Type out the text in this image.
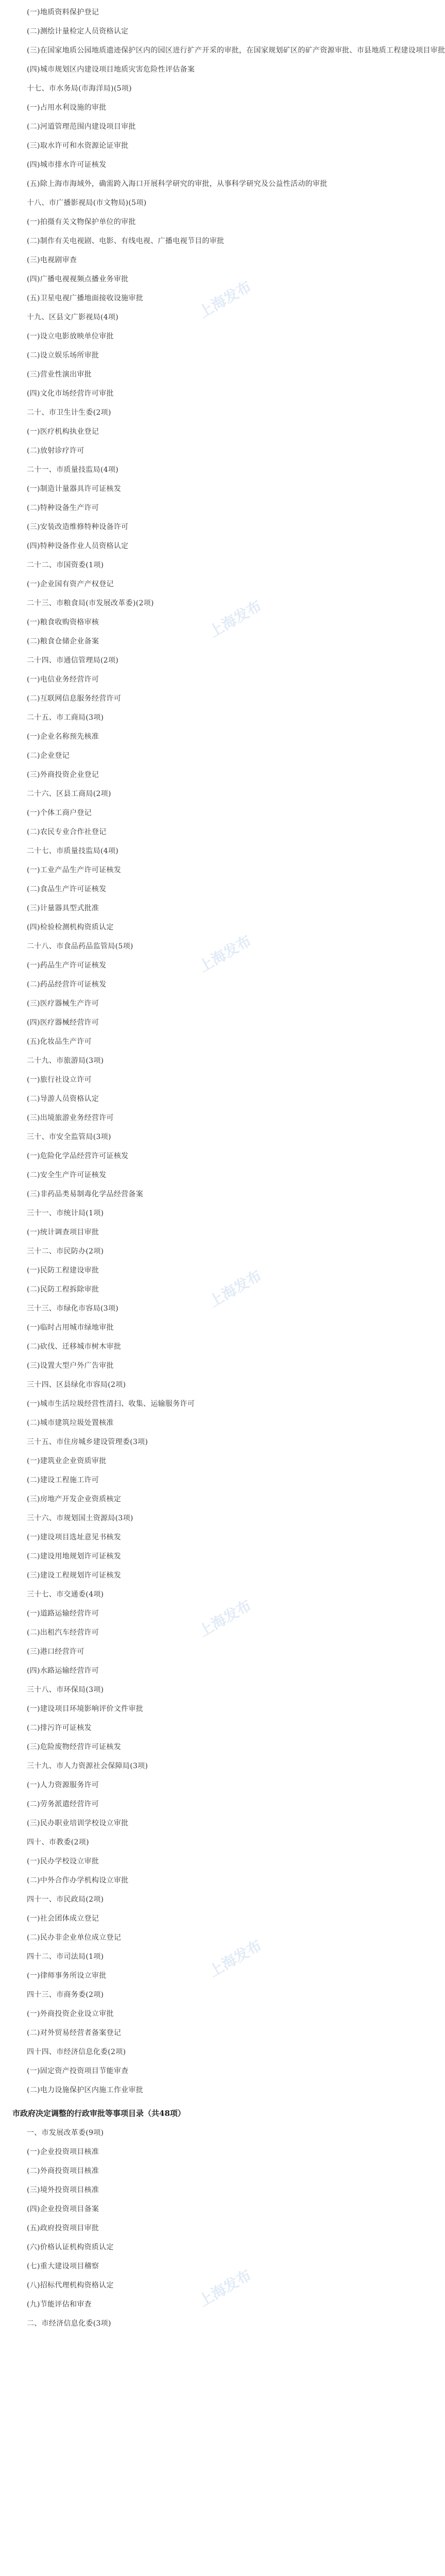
(一)地质资料保护登记
(二)测绘计量检定人员资格认定
(三)在国家地质公园地质遗迹保护区内的园区进行扩产开采的审批，在国家规划矿区的矿产资源审批、市县地质工程建设项目审批
(四)城市规划区内建设项目地质灾害危险性评估备案
十七、市水务局(市海洋局)(5项)
(一)占用水利设施的审批
(二)河道管理范围内建设项目审批
(三)取水许可和水资源论证审批
(四)城市排水许可证核发
(五)除上海市海域外，确需跨入海口开展科学研究的审批，从事科学研究及公益性活动的审批
十八、市广播影视局(市文物局)(5项)
(一)拍摄有关文物保护单位的审批
(二)制作有关电视剧、电影、有线电视、广播电视节目的审批
(三)电视剧审查
(四)广播电视视频点播业务审批
(五)卫星电视广播地面接收设施审批
十九、区县文广影视局(4项)
(一)设立电影放映单位审批
(二)设立娱乐场所审批
(三)营业性演出审批
(四)文化市场经营许可审批
二十、市卫生计生委(2项)
(一)医疗机构执业登记
(二)放射诊疗许可
二十一、市质量技监局(4项)
(一)制造计量器具许可证核发
(二)特种设备生产许可
(三)安装改造维修特种设备许可
(四)特种设备作业人员资格认定
二十二、市国资委(1项)
(一)企业国有资产产权登记
二十三、市粮食局(市发展改革委)(2项)
(一)粮食收购资格审核
(二)粮食仓储企业备案
二十四、市通信管理局(2项)
(一)电信业务经营许可
(二)互联网信息服务经营许可
二十五、市工商局(3项)
(一)企业名称预先核准
(二)企业登记
(三)外商投资企业登记
二十六、区县工商局(2项)
(一)个体工商户登记
(二)农民专业合作社登记
二十七、市质量技监局(4项)
(一)工业产品生产许可证核发
(二)食品生产许可证核发
(三)计量器具型式批准
(四)检验检测机构资质认定
二十八、市食品药品监管局(5项)
(一)药品生产许可证核发
(二)药品经营许可证核发
(三)医疗器械生产许可
(四)医疗器械经营许可
(五)化妆品生产许可
二十九、市旅游局(3项)
(一)旅行社设立许可
(二)导游人员资格认定
(三)出境旅游业务经营许可
三十、市安全监管局(3项)
(一)危险化学品经营许可证核发
(二)安全生产许可证核发
(三)非药品类易制毒化学品经营备案
三十一、市统计局(1项)
(一)统计调查项目审批
三十二、市民防办(2项)
(一)民防工程建设审批
(二)民防工程拆除审批
三十三、市绿化市容局(3项)
(一)临时占用城市绿地审批
(二)砍伐、迁移城市树木审批
(三)设置大型户外广告审批
三十四、区县绿化市容局(2项)
(一)城市生活垃圾经营性清扫、收集、运输服务许可
(二)城市建筑垃圾处置核准
三十五、市住房城乡建设管理委(3项)
(一)建筑业企业资质审批
(二)建设工程施工许可
(三)房地产开发企业资质核定
三十六、市规划国土资源局(3项)
(一)建设项目选址意见书核发
(二)建设用地规划许可证核发
(三)建设工程规划许可证核发
三十七、市交通委(4项)
(一)道路运输经营许可
(二)出租汽车经营许可
(三)港口经营许可
(四)水路运输经营许可
三十八、市环保局(3项)
(一)建设项目环境影响评价文件审批
(二)排污许可证核发
(三)危险废物经营许可证核发
三十九、市人力资源社会保障局(3项)
(一)人力资源服务许可
(二)劳务派遣经营许可
(三)民办职业培训学校设立审批
四十、市教委(2项)
(一)民办学校设立审批
(二)中外合作办学机构设立审批
四十一、市民政局(2项)
(一)社会团体成立登记
(二)民办非企业单位成立登记
四十二、市司法局(1项)
(一)律师事务所设立审批
四十三、市商务委(2项)
(一)外商投资企业设立审批
(二)对外贸易经营者备案登记
四十四、市经济信息化委(2项)
(一)固定资产投资项目节能审查
(二)电力设施保护区内施工作业审批
市政府决定调整的行政审批等事项目录（共48项）
一、市发展改革委(9项)
(一)企业投资项目核准
(二)外商投资项目核准
(三)境外投资项目核准
(四)企业投资项目备案
(五)政府投资项目审批
(六)价格认证机构资质认定
(七)重大建设项目稽察
(八)招标代理机构资格认定
(九)节能评估和审查
二、市经济信息化委(3项)
上海发布
上海发布
上海发布
上海发布
上海发布
上海发布
上海发布
